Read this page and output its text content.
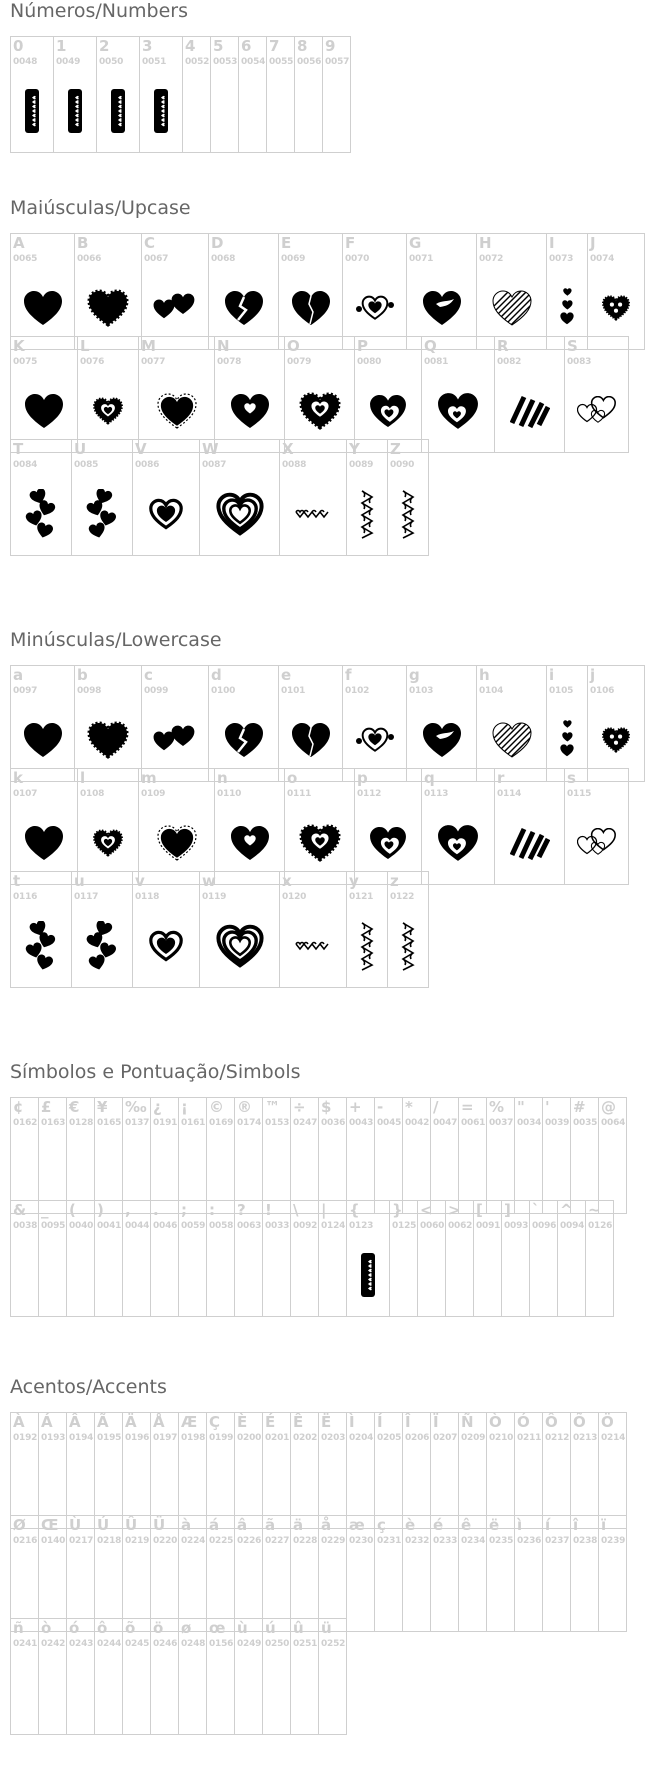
Números/Numbers
0
0048
♥♥♥♥♥♥♥
1
0049
♥♥♥♥♥♥♥
2
0050
♥♥♥♥♥♥♥
3
0051
♥♥♥♥♥♥♥
4
0052
5
0053
6
0054
7
0055
8
0056
9
0057
Maiúsculas/Upcase
A
0065
B
0066
C
0067
D
0068
E
0069
F
0070
G
0071
H
0072
I
0073
J
0074
K
0075
L
0076
M
0077
N
0078
O
0079
P
0080
Q
0081
R
0082
S
0083
T
0084
U
0085
V
0086
W
0087
X
0088
Y
0089
Z
0090
Minúsculas/Lowercase
a
0097
b
0098
c
0099
d
0100
e
0101
f
0102
g
0103
h
0104
i
0105
j
0106
k
0107
l
0108
m
0109
n
0110
o
0111
p
0112
q
0113
r
0114
s
0115
t
0116
u
0117
v
0118
w
0119
x
0120
y
0121
z
0122
Símbolos e Pontuação/Simbols
¢
0162
£
0163
€
0128
¥
0165
‰
0137
¿
0191
¡
0161
©
0169
®
0174
™
0153
÷
0247
$
0036
+
0043
-
0045
*
0042
/
0047
=
0061
%
0037
"
0034
'
0039
#
0035
@
0064
&
0038
_
0095
(
0040
)
0041
,
0044
.
0046
;
0059
:
0058
?
0063
!
0033
\
0092
|
0124
{
0123
♥♥♥♥♥♥♥
}
0125
<
0060
>
0062
[
0091
]
0093
`
0096
^
0094
~
0126
Acentos/Accents
À
0192
Á
0193
Â
0194
Ã
0195
Ä
0196
Å
0197
Æ
0198
Ç
0199
È
0200
É
0201
Ê
0202
Ë
0203
Ì
0204
Í
0205
Î
0206
Ï
0207
Ñ
0209
Ò
0210
Ó
0211
Ô
0212
Õ
0213
Ö
0214
Ø
0216
Œ
0140
Ù
0217
Ú
0218
Û
0219
Ü
0220
à
0224
á
0225
â
0226
ã
0227
ä
0228
å
0229
æ
0230
ç
0231
è
0232
é
0233
ê
0234
ë
0235
ì
0236
í
0237
î
0238
ï
0239
ñ
0241
ò
0242
ó
0243
ô
0244
õ
0245
ö
0246
ø
0248
œ
0156
ù
0249
ú
0250
û
0251
ü
0252
